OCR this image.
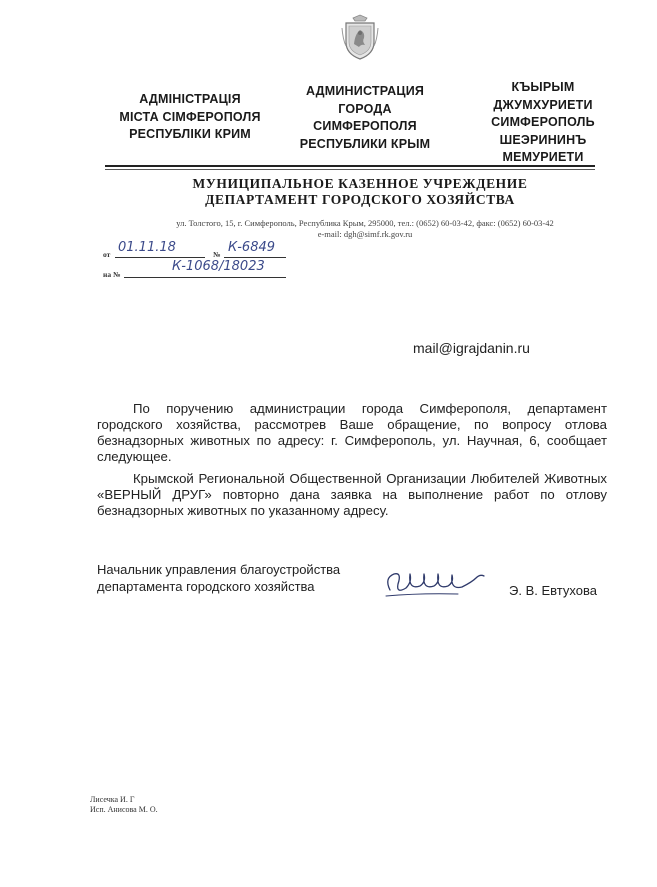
АДМІНІСТРАЦІЯ
МІСТА СІМФЕРОПОЛЯ
РЕСПУБЛІКИ КРИМ
АДМИНИСТРАЦИЯ
ГОРОДА
СИМФЕРОПОЛЯ
РЕСПУБЛИКИ КРЫМ
КЪЫРЫМ
ДЖУМХУРИЕТИ
СИМФЕРОПОЛЬ
ШЕЭРИНИНЪ
МЕМУРИЕТИ
МУНИЦИПАЛЬНОЕ КАЗЕННОЕ УЧРЕЖДЕНИЕ
ДЕПАРТАМЕНТ ГОРОДСКОГО ХОЗЯЙСТВА
ул. Толстого, 15, г. Симферополь, Республика Крым, 295000, тел.: (0652) 60-03-42, факс: (0652) 60-03-42
e-mail: dgh@simf.rk.gov.ru
от 01.11.18	№ К-6849
на №
К-1068/18023
mail@igrajdanin.ru

По поручению администрации города Симферополя, департамент городского хозяйства, рассмотрев Ваше обращение, по вопросу отлова безнадзорных животных по адресу: г. Симферополь, ул. Научная, 6, сообщает следующее.

Крымской Региональной Общественной Организации Любителей Животных «ВЕРНЫЙ ДРУГ» повторно дана заявка на выполнение работ по отлову безнадзорных животных по указанному адресу.

Начальник управления благоустройства
департамента городского хозяйства	Э. В. Евтухова
Лисечка И. Г
Исп. Анисова М. О.
